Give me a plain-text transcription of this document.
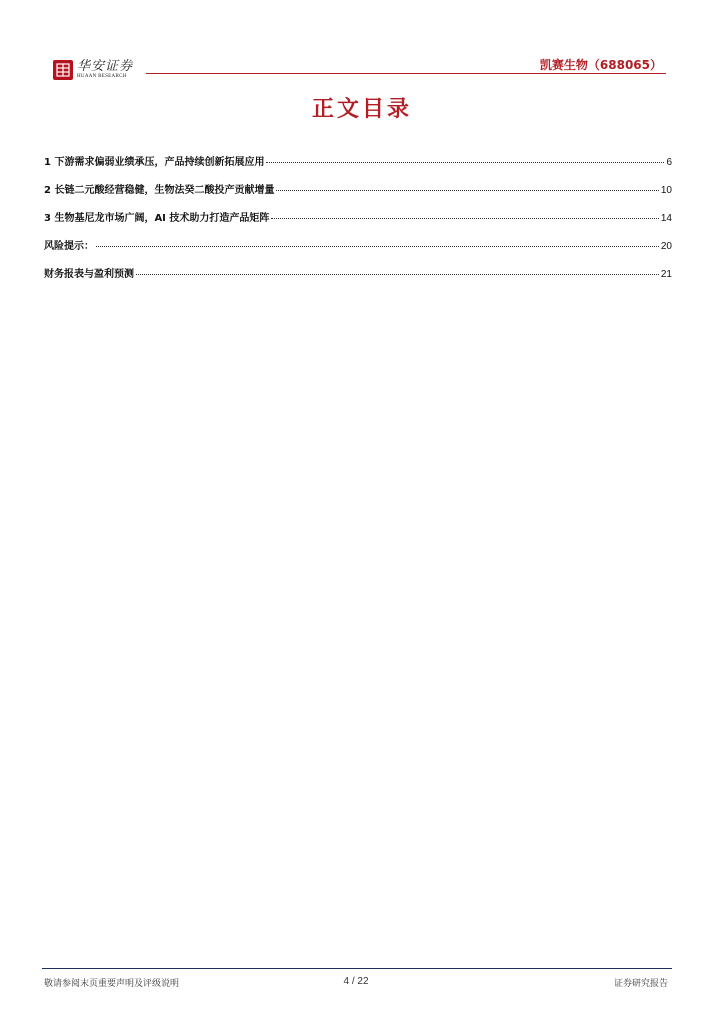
华安证券
HUAAN RESEARCH
凯赛生物（688065）
正文目录
1 下游需求偏弱业绩承压，产品持续创新拓展应用	6
2 长链二元酸经营稳健，生物法癸二酸投产贡献增量	10
3 生物基尼龙市场广阔，AI 技术助力打造产品矩阵	14
风险提示：	20
财务报表与盈利预测	21
敬请参阅末页重要声明及评级说明	4 / 22	证券研究报告
